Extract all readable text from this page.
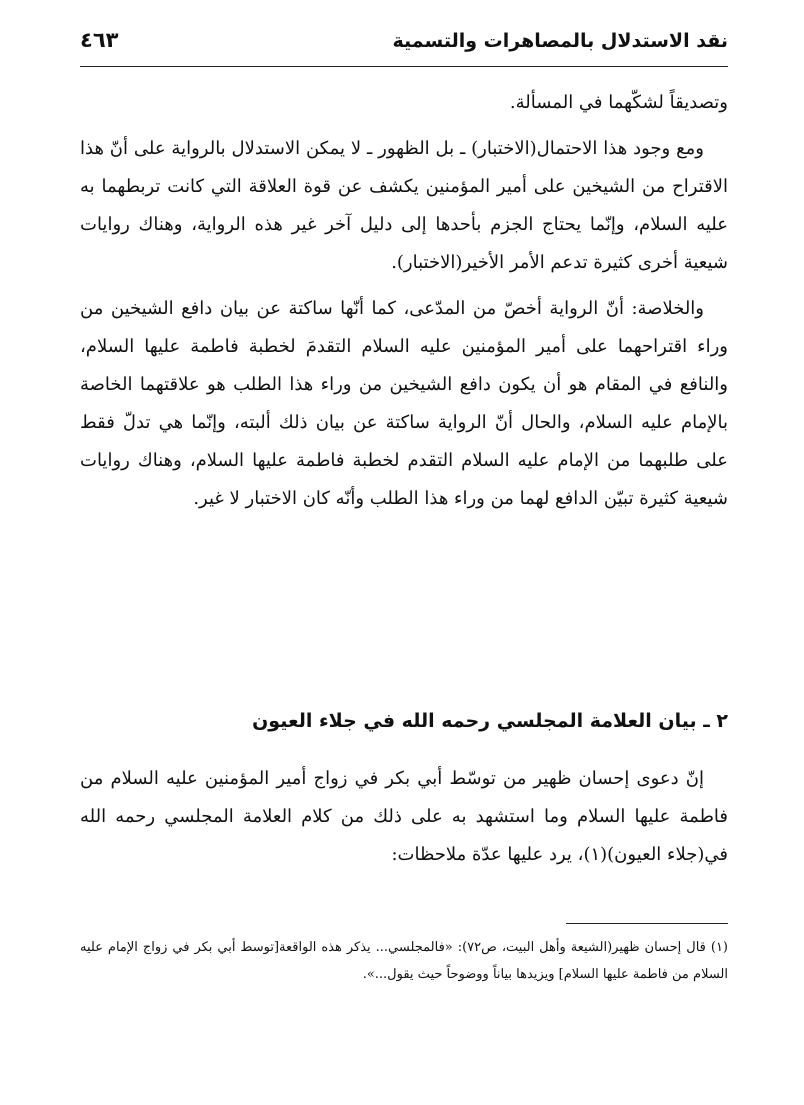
نقد الاستدلال بالمصاهرات والتسمية
٤٦٣

وتصديقاً لشكّهما في المسألة.

ومع وجود هذا الاحتمال(الاختبار) ـ بل الظهور ـ لا يمكن الاستدلال بالرواية على أنّ هذا الاقتراح من الشيخين على أمير المؤمنين يكشف عن قوة العلاقة التي كانت تربطهما به عليه السلام، وإنّما يحتاج الجزم بأحدها إلى دليل آخر غير هذه الرواية، وهناك روايات شيعية أخرى كثيرة تدعم الأمر الأخير(الاختبار).

والخلاصة: أنّ الرواية أخصّ من المدّعى، كما أنّها ساكتة عن بيان دافع الشيخين من وراء اقتراحهما على أمير المؤمنين عليه السلام التقدمَ لخطبة فاطمة عليها السلام، والنافع في المقام هو أن يكون دافع الشيخين من وراء هذا الطلب هو علاقتهما الخاصة بالإمام عليه السلام، والحال أنّ الرواية ساكتة عن بيان ذلك ألبته، وإنّما هي تدلّ فقط على طلبهما من الإمام عليه السلام التقدم لخطبة فاطمة عليها السلام، وهناك روايات شيعية كثيرة تبيّن الدافع لهما من وراء هذا الطلب وأنّه كان الاختبار لا غير.

٢ ـ بيان العلامة المجلسي رحمه الله في جلاء العيون

إنّ دعوى إحسان ظهير من توسّط أبي بكر في زواج أمير المؤمنين عليه السلام من فاطمة عليها السلام وما استشهد به على ذلك من كلام العلامة المجلسي رحمه الله في(جلاء العيون)(١)، يرد عليها عدّة ملاحظات:

(١) قال إحسان ظهير(الشيعة وأهل البيت، ص٧٢): «فالمجلسي... يذكر هذه الواقعة[توسط أبي بكر في زواج الإمام عليه السلام من فاطمة عليها السلام] ويزيدها بياناً ووضوحاً حيث يقول...».
